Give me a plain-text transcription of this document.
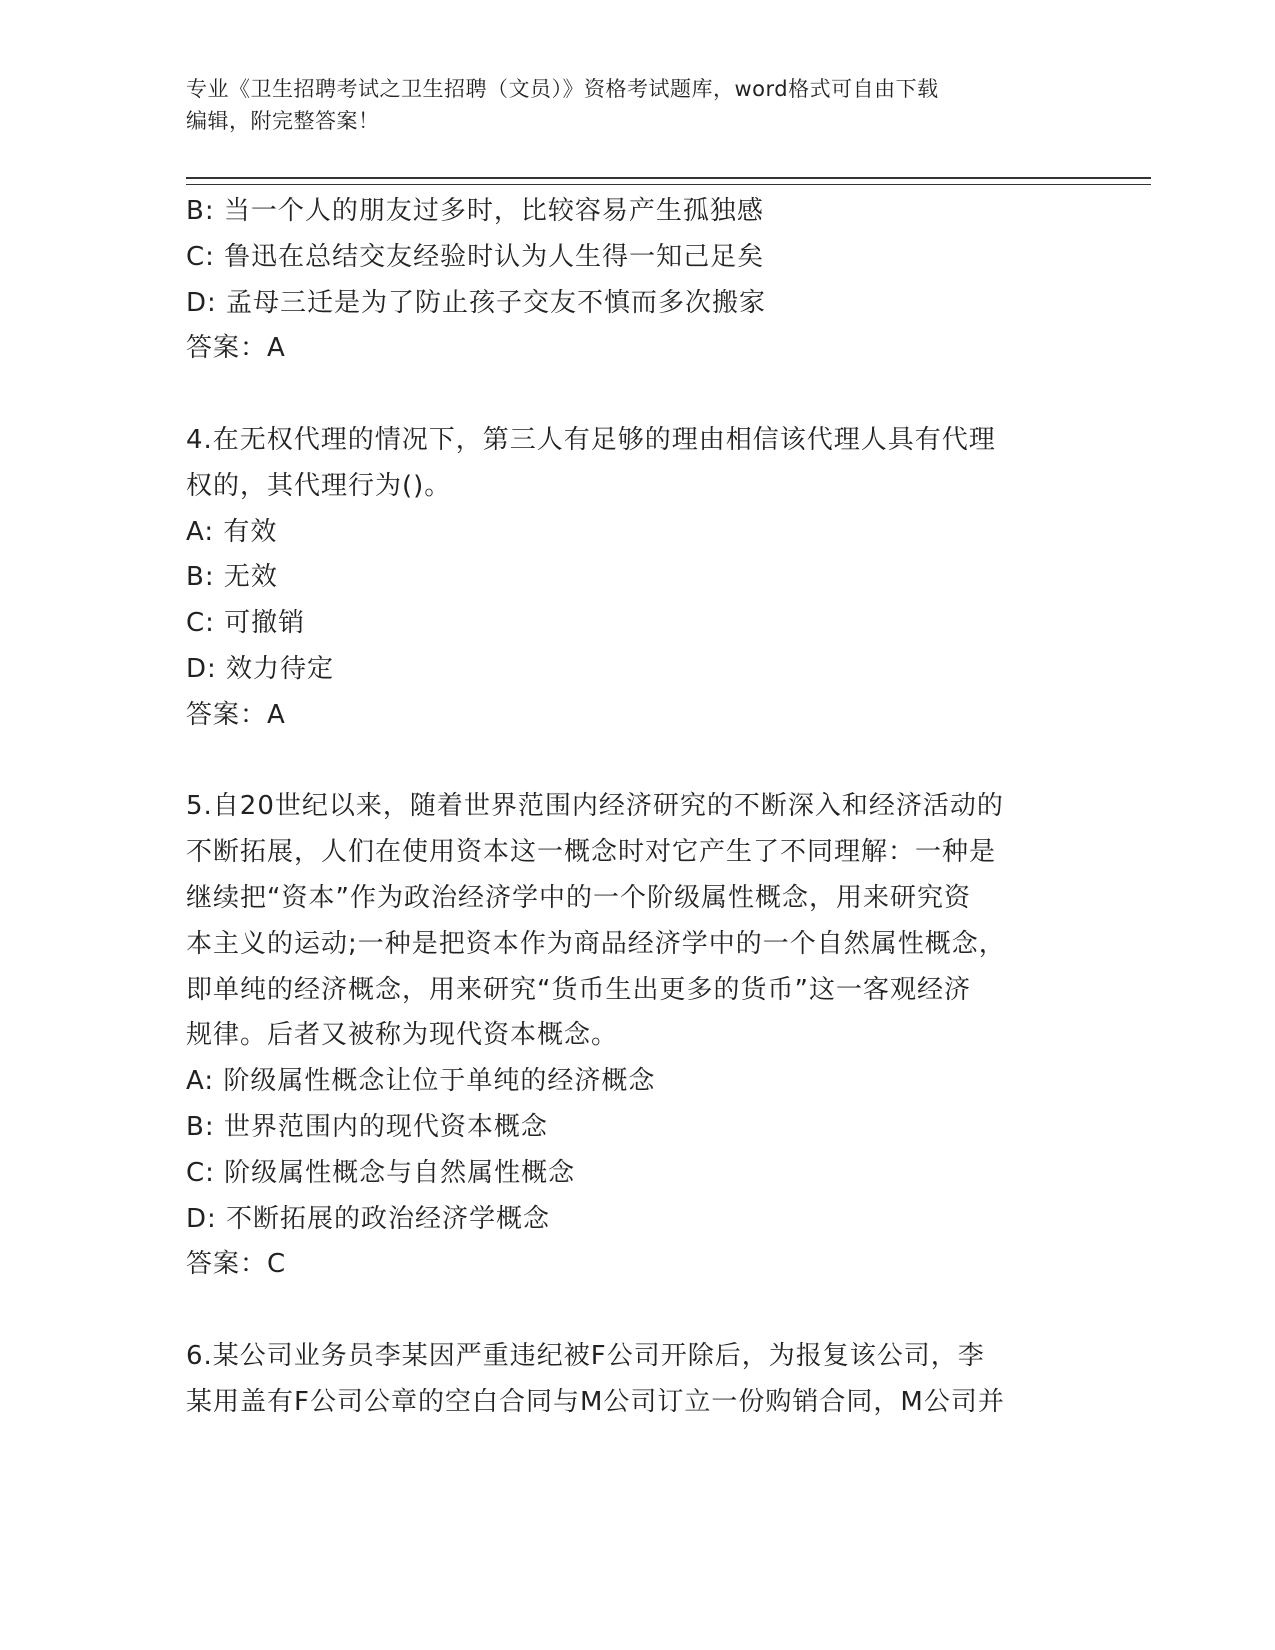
专业《卫生招聘考试之卫生招聘（文员）》资格考试题库，word格式可自由下载

编辑，附完整答案！

B: 当一个人的朋友过多时，比较容易产生孤独感

C: 鲁迅在总结交友经验时认为人生得一知己足矣

D: 孟母三迁是为了防止孩子交友不慎而多次搬家

答案：A

4.在无权代理的情况下，第三人有足够的理由相信该代理人具有代理

权的，其代理行为()。

A: 有效

B: 无效

C: 可撤销

D: 效力待定

答案：A

5.自20世纪以来，随着世界范围内经济研究的不断深入和经济活动的

不断拓展，人们在使用资本这一概念时对它产生了不同理解：一种是

继续把“资本”作为政治经济学中的一个阶级属性概念，用来研究资

本主义的运动;一种是把资本作为商品经济学中的一个自然属性概念，

即单纯的经济概念，用来研究“货币生出更多的货币”这一客观经济

规律。后者又被称为现代资本概念。

A: 阶级属性概念让位于单纯的经济概念

B: 世界范围内的现代资本概念

C: 阶级属性概念与自然属性概念

D: 不断拓展的政治经济学概念

答案：C

6.某公司业务员李某因严重违纪被F公司开除后，为报复该公司，李

某用盖有F公司公章的空白合同与M公司订立一份购销合同，M公司并
